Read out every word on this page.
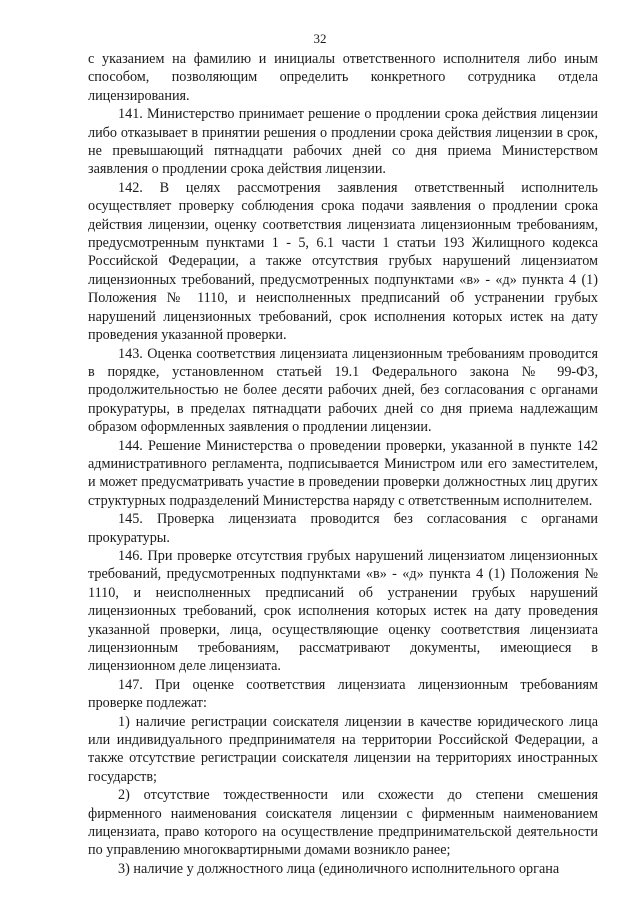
32

с указанием на фамилию и инициалы ответственного исполнителя либо иным способом, позволяющим определить конкретного сотрудника отдела лицензирования.

141. Министерство принимает решение о продлении срока действия лицензии либо отказывает в принятии решения о продлении срока действия лицензии в срок, не превышающий пятнадцати рабочих дней со дня приема Министерством заявления о продлении срока действия лицензии.

142. В целях рассмотрения заявления ответственный исполнитель осуществляет проверку соблюдения срока подачи заявления о продлении срока действия лицензии, оценку соответствия лицензиата лицензионным требованиям, предусмотренным пунктами 1 - 5, 6.1 части 1 статьи 193 Жилищного кодекса Российской Федерации, а также отсутствия грубых нарушений лицензиатом лицензионных требований, предусмотренных подпунктами «в» - «д» пункта 4 (1) Положения № 1110, и неисполненных предписаний об устранении грубых нарушений лицензионных требований, срок исполнения которых истек на дату проведения указанной проверки.

143. Оценка соответствия лицензиата лицензионным требованиям проводится в порядке, установленном статьей 19.1 Федерального закона № 99-ФЗ, продолжительностью не более десяти рабочих дней, без согласования с органами прокуратуры, в пределах пятнадцати рабочих дней со дня приема надлежащим образом оформленных заявления о продлении лицензии.

144. Решение Министерства о проведении проверки, указанной в пункте 142 административного регламента, подписывается Министром или его заместителем, и может предусматривать участие в проведении проверки должностных лиц других структурных подразделений Министерства наряду с ответственным исполнителем.

145. Проверка лицензиата проводится без согласования с органами прокуратуры.

146. При проверке отсутствия грубых нарушений лицензиатом лицензионных требований, предусмотренных подпунктами «в» - «д» пункта 4 (1) Положения № 1110, и неисполненных предписаний об устранении грубых нарушений лицензионных требований, срок исполнения которых истек на дату проведения указанной проверки, лица, осуществляющие оценку соответствия лицензиата лицензионным требованиям, рассматривают документы, имеющиеся в лицензионном деле лицензиата.

147. При оценке соответствия лицензиата лицензионным требованиям проверке подлежат:

1) наличие регистрации соискателя лицензии в качестве юридического лица или индивидуального предпринимателя на территории Российской Федерации, а также отсутствие регистрации соискателя лицензии на территориях иностранных государств;

2) отсутствие тождественности или схожести до степени смешения фирменного наименования соискателя лицензии с фирменным наименованием лицензиата, право которого на осуществление предпринимательской деятельности по управлению многоквартирными домами возникло ранее;

3) наличие у должностного лица (единоличного исполнительного органа
